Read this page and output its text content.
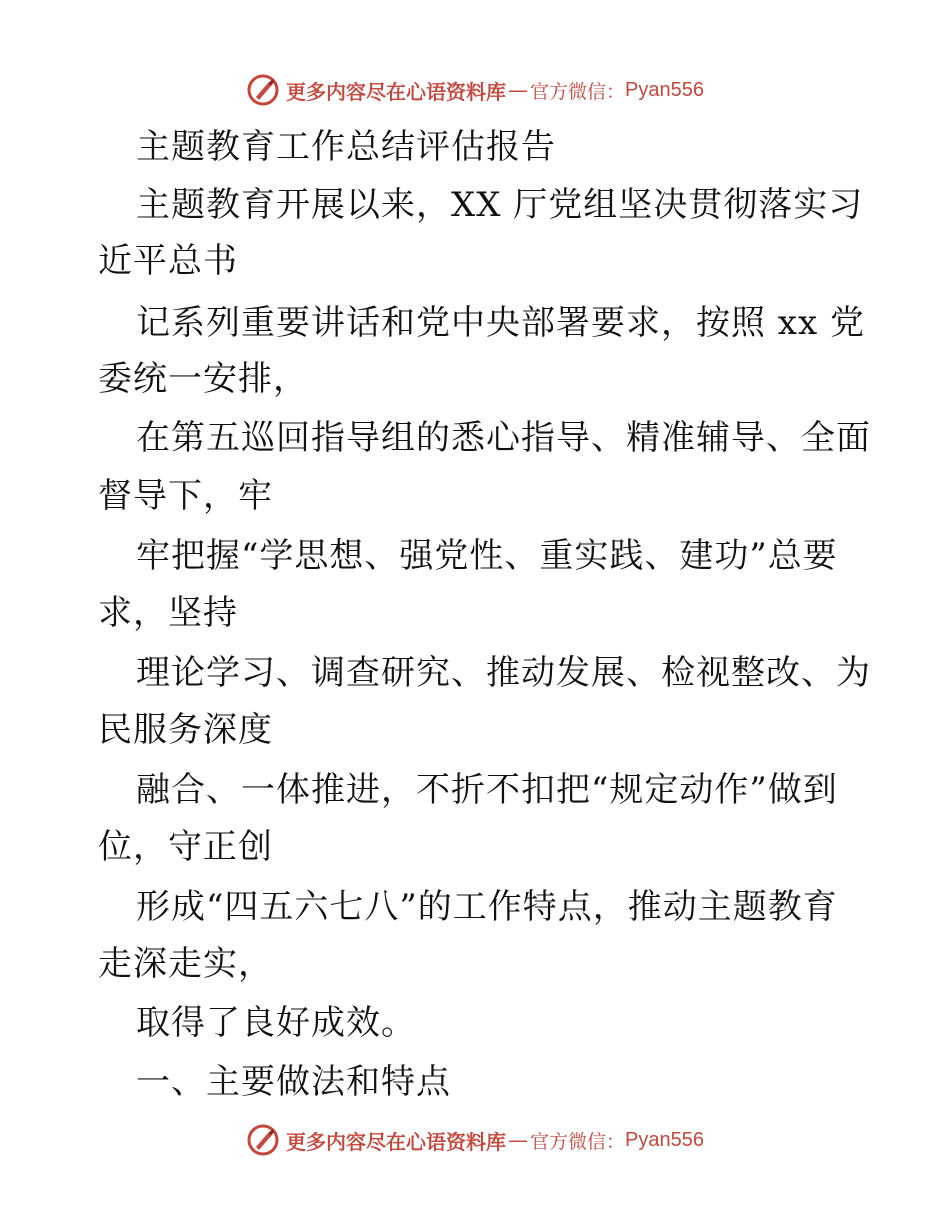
更多内容尽在心语资料库 — 官方微信： Pyan556
主题教育工作总结评估报告
主题教育开展以来，XX 厅党组坚决贯彻落实习
近平总书
记系列重要讲话和党中央部署要求，按照 xx 党
委统一安排，
在第五巡回指导组的悉心指导、精准辅导、全面
督导下，牢
牢把握“学思想、强党性、重实践、建功”总要
求，坚持
理论学习、调查研究、推动发展、检视整改、为
民服务深度
融合、一体推进，不折不扣把“规定动作”做到
位，守正创
形成“四五六七八”的工作特点，推动主题教育
走深走实，
取得了良好成效。
一、主要做法和特点
更多内容尽在心语资料库 — 官方微信： Pyan556
